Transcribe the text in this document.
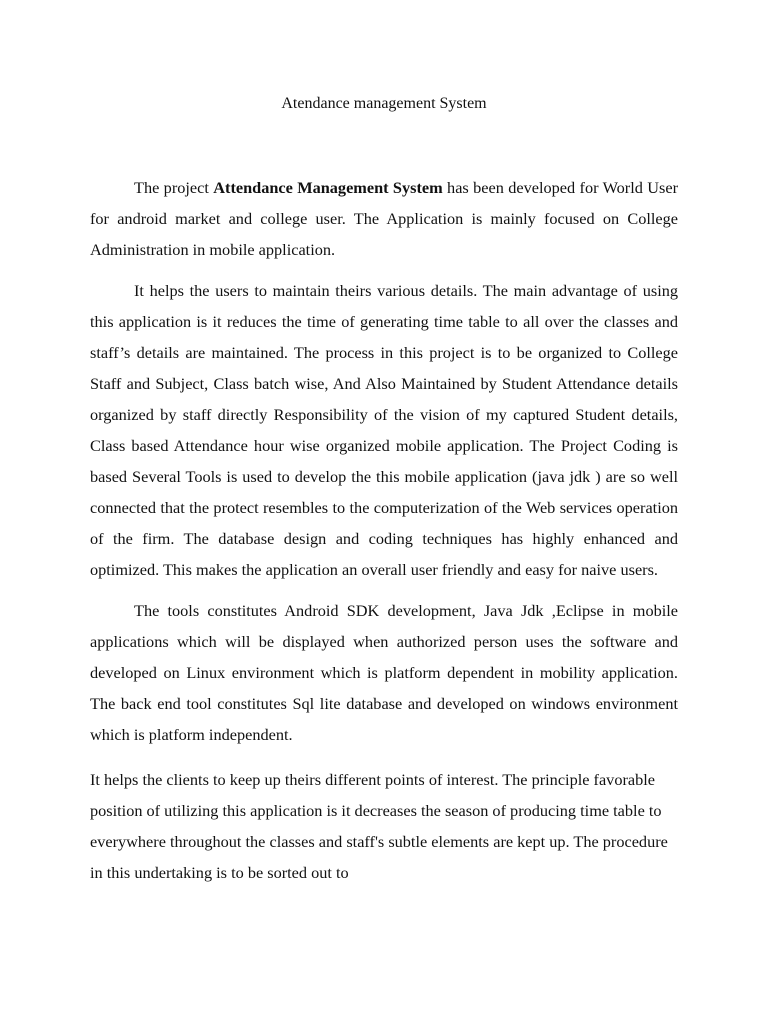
Atendance management System

The project Attendance Management System has been developed for World User for android market and college user. The Application is mainly focused on College Administration in mobile application.

It helps the users to maintain theirs various details. The main advantage of using this application is it reduces the time of generating time table to all over the classes and staff’s details are maintained. The process in this project is to be organized to College Staff and Subject, Class batch wise, And Also Maintained by Student Attendance details organized by staff directly Responsibility of the vision of my captured Student details, Class based Attendance hour wise organized mobile application. The Project Coding is based Several Tools is used to develop the this mobile application (java jdk ) are so well connected that the protect resembles to the computerization of the Web services operation of the firm. The database design and coding techniques has highly enhanced and optimized. This makes the application an overall user friendly and easy for naive users.

The tools constitutes Android SDK development, Java Jdk ,Eclipse in mobile applications which will be displayed when authorized person uses the software and developed on Linux environment which is platform dependent in mobility application. The back end tool constitutes Sql lite database and developed on windows environment which is platform independent.

It helps the clients to keep up theirs different points of interest. The principle favorable position of utilizing this application is it decreases the season of producing time table to everywhere throughout the classes and staff's subtle elements are kept up. The procedure in this undertaking is to be sorted out to
